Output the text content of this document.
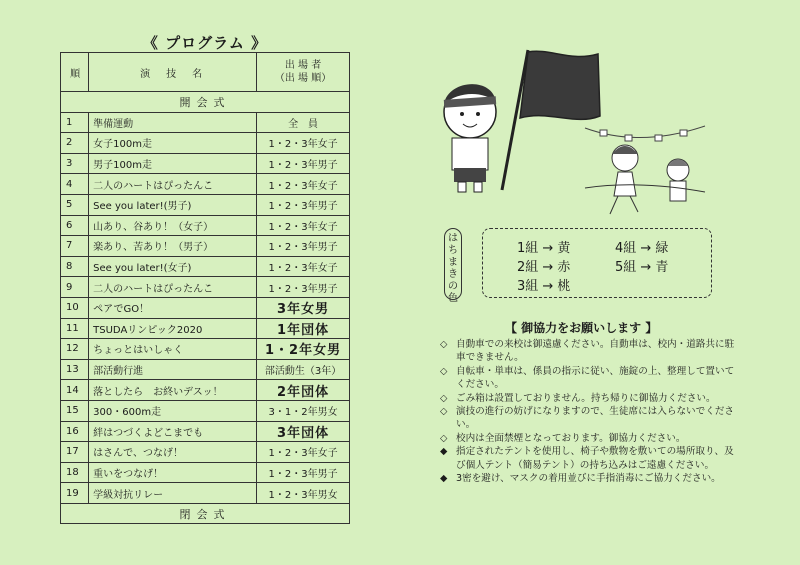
《 プログラム 》
順	演　技　名	出 場 者
（出 場 順）
開会式		
1	準備運動	全　員
2	女子100m走	1・2・3年女子
3	男子100m走	1・2・3年男子
4	二人のハートはぴったんこ	1・2・3年女子
5	See you later!(男子)	1・2・3年男子
6	山あり、谷あり！（女子）	1・2・3年女子
7	楽あり、苦あり！（男子）	1・2・3年男子
8	See you later!(女子)	1・2・3年女子
9	二人のハートはぴったんこ	1・2・3年男子
10	ペアでGO！	3年女男
11	TSUDAリンピック2020	1年団体
12	ちょっとはいしゃく	1・2年女男
13	部活動行進	部活動生（3年）
14	落としたら　お終いデスッ！	2年団体
15	300・600m走	3・1・2年男女
16	絆はつづくよどこまでも	3年団体
17	はさんで、つなげ！	1・2・3年女子
18	重いをつなげ！	1・2・3年男子
19	学級対抗リレー	1・2・3年男女
閉会式		
はちまきの色
1組 → 黄
2組 → 赤
3組 → 桃
4組 → 緑
5組 → 青
【 御協力をお願いします 】
◇ 自動車での来校は御遠慮ください。自動車は、校内・道路共に駐車できません。
◇ 自転車・単車は、係員の指示に従い、施錠の上、整理して置いてください。
◇ ごみ箱は設置しておりません。持ち帰りに御協力ください。
◇ 演技の進行の妨げになりますので、生徒席には入らないでください。
◇ 校内は全面禁煙となっております。御協力ください。
◆ 指定されたテントを使用し、椅子や敷物を敷いての場所取り、及び個人テント（簡易テント）の持ち込みはご遠慮ください。
◆ 3密を避け、マスクの着用並びに手指消毒にご協力ください。
